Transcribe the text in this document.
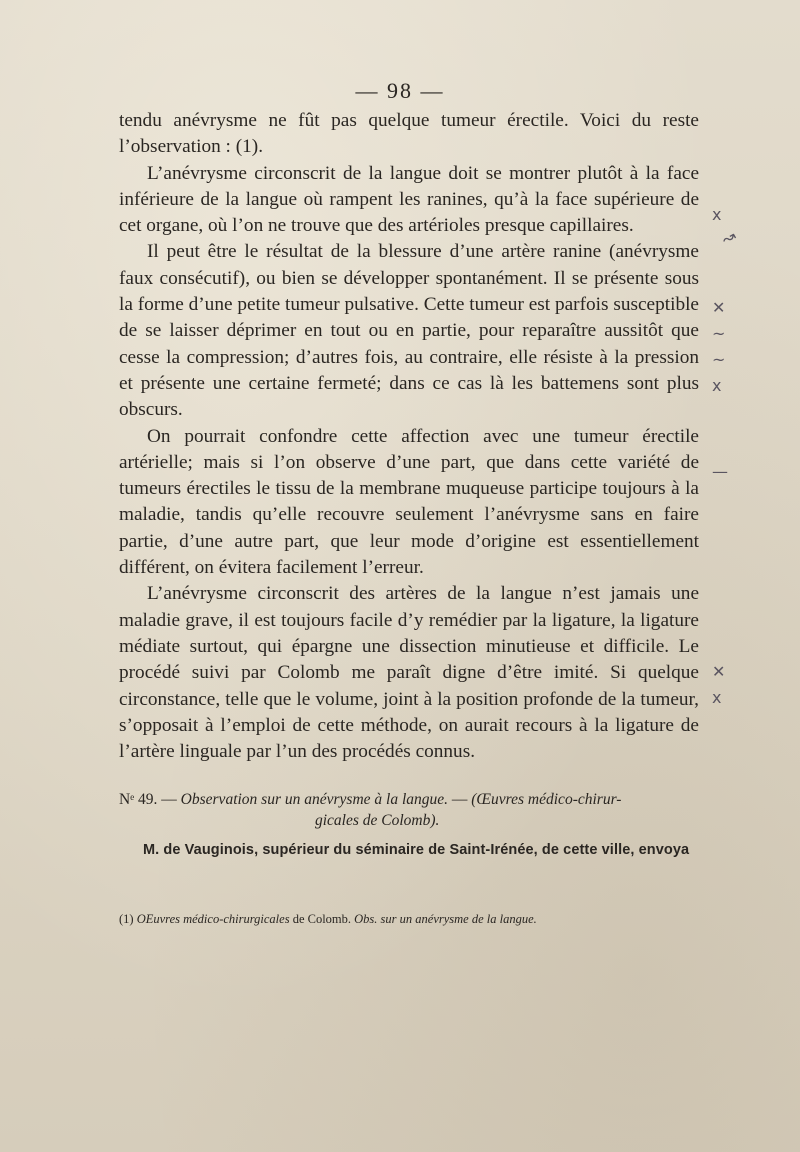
— 98 —

tendu anévrysme ne fût pas quelque tumeur érectile. Voici du reste l’observation : (1).

L’anévrysme circonscrit de la langue doit se montrer plutôt à la face inférieure de la langue où rampent les ranines, qu’à la face supérieure de cet organe, où l’on ne trouve que des artérioles presque capillaires.

Il peut être le résultat de la blessure d’une artère ranine (anévrysme faux consécutif), ou bien se développer spontanément. Il se présente sous la forme d’une petite tumeur pulsative. Cette tumeur est parfois susceptible de se laisser déprimer en tout ou en partie, pour reparaître aussitôt que cesse la compression; d’autres fois, au contraire, elle résiste à la pression et présente une certaine fermeté; dans ce cas là les battemens sont plus obscurs.

On pourrait confondre cette affection avec une tumeur érectile artérielle; mais si l’on observe d’une part, que dans cette variété de tumeurs érectiles le tissu de la membrane muqueuse participe toujours à la maladie, tandis qu’elle recouvre seulement l’anévrysme sans en faire partie, d’une autre part, que leur mode d’origine est essentiellement différent, on évitera facilement l’erreur.

L’anévrysme circonscrit des artères de la langue n’est jamais une maladie grave, il est toujours facile d’y remédier par la ligature, la ligature médiate surtout, qui épargne une dissection minutieuse et difficile. Le procédé suivi par Colomb me paraît digne d’être imité. Si quelque circonstance, telle que le volume, joint à la position profonde de la tumeur, s’opposait à l’emploi de cette méthode, on aurait recours à la ligature de l’artère linguale par l’un des procédés connus.

Nᵉ 49. — Observation sur un anévrysme à la langue. — (Œuvres médico-chirur-

gicales de Colomb).

M. de Vauginois, supérieur du séminaire de Saint-Irénée, de cette ville, envoya

(1) OEuvres médico-chirurgicales de Colomb. Obs. sur un anévrysme de la langue.

x
↝
✕
~
~
x
—
✕
x
